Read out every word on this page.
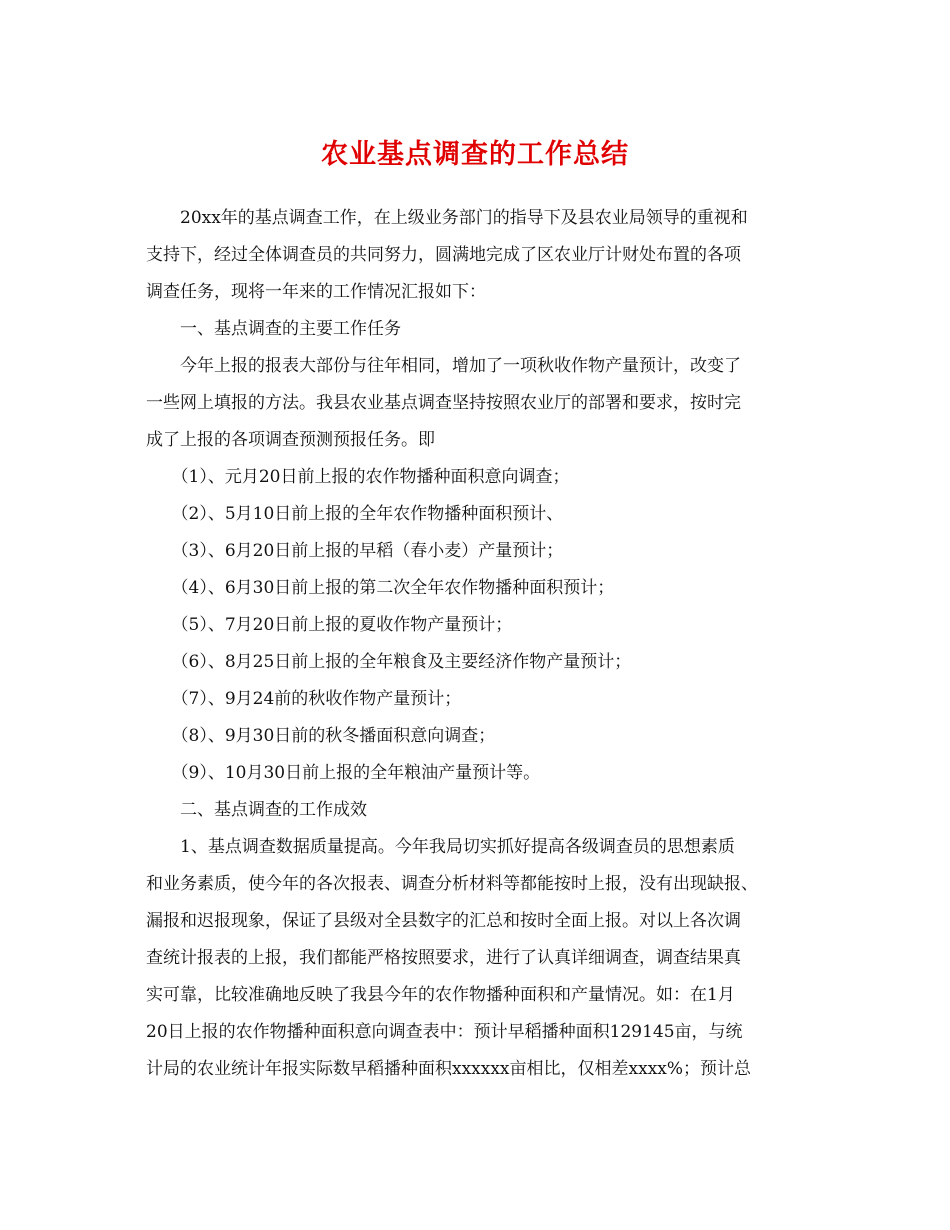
农业基点调查的工作总结

　　20xx年的基点调查工作，在上级业务部门的指导下及县农业局领导的重视和

支持下，经过全体调查员的共同努力，圆满地完成了区农业厅计财处布置的各项

调查任务，现将一年来的工作情况汇报如下：

　　一、基点调查的主要工作任务

　　今年上报的报表大部份与往年相同，增加了一项秋收作物产量预计，改变了

一些网上填报的方法。我县农业基点调查坚持按照农业厅的部署和要求，按时完

成了上报的各项调查预测预报任务。即

　　（1）、元月20日前上报的农作物播种面积意向调查；

　　（2）、5月10日前上报的全年农作物播种面积预计、

　　（3）、6月20日前上报的早稻（春小麦）产量预计；

　　（4）、6月30日前上报的第二次全年农作物播种面积预计；

　　（5）、7月20日前上报的夏收作物产量预计；

　　（6）、8月25日前上报的全年粮食及主要经济作物产量预计；

　　（7）、9月24前的秋收作物产量预计；

　　（8）、9月30日前的秋冬播面积意向调查；

　　（9）、10月30日前上报的全年粮油产量预计等。

　　二、基点调查的工作成效

　　1、基点调查数据质量提高。今年我局切实抓好提高各级调查员的思想素质

和业务素质，使今年的各次报表、调查分析材料等都能按时上报，没有出现缺报、

漏报和迟报现象，保证了县级对全县数字的汇总和按时全面上报。对以上各次调

查统计报表的上报，我们都能严格按照要求，进行了认真详细调查，调查结果真

实可靠，比较准确地反映了我县今年的农作物播种面积和产量情况。如：在1月

20日上报的农作物播种面积意向调查表中：预计早稻播种面积129145亩，与统

计局的农业统计年报实际数早稻播种面积xxxxxx亩相比，仅相差xxxx%；预计总
